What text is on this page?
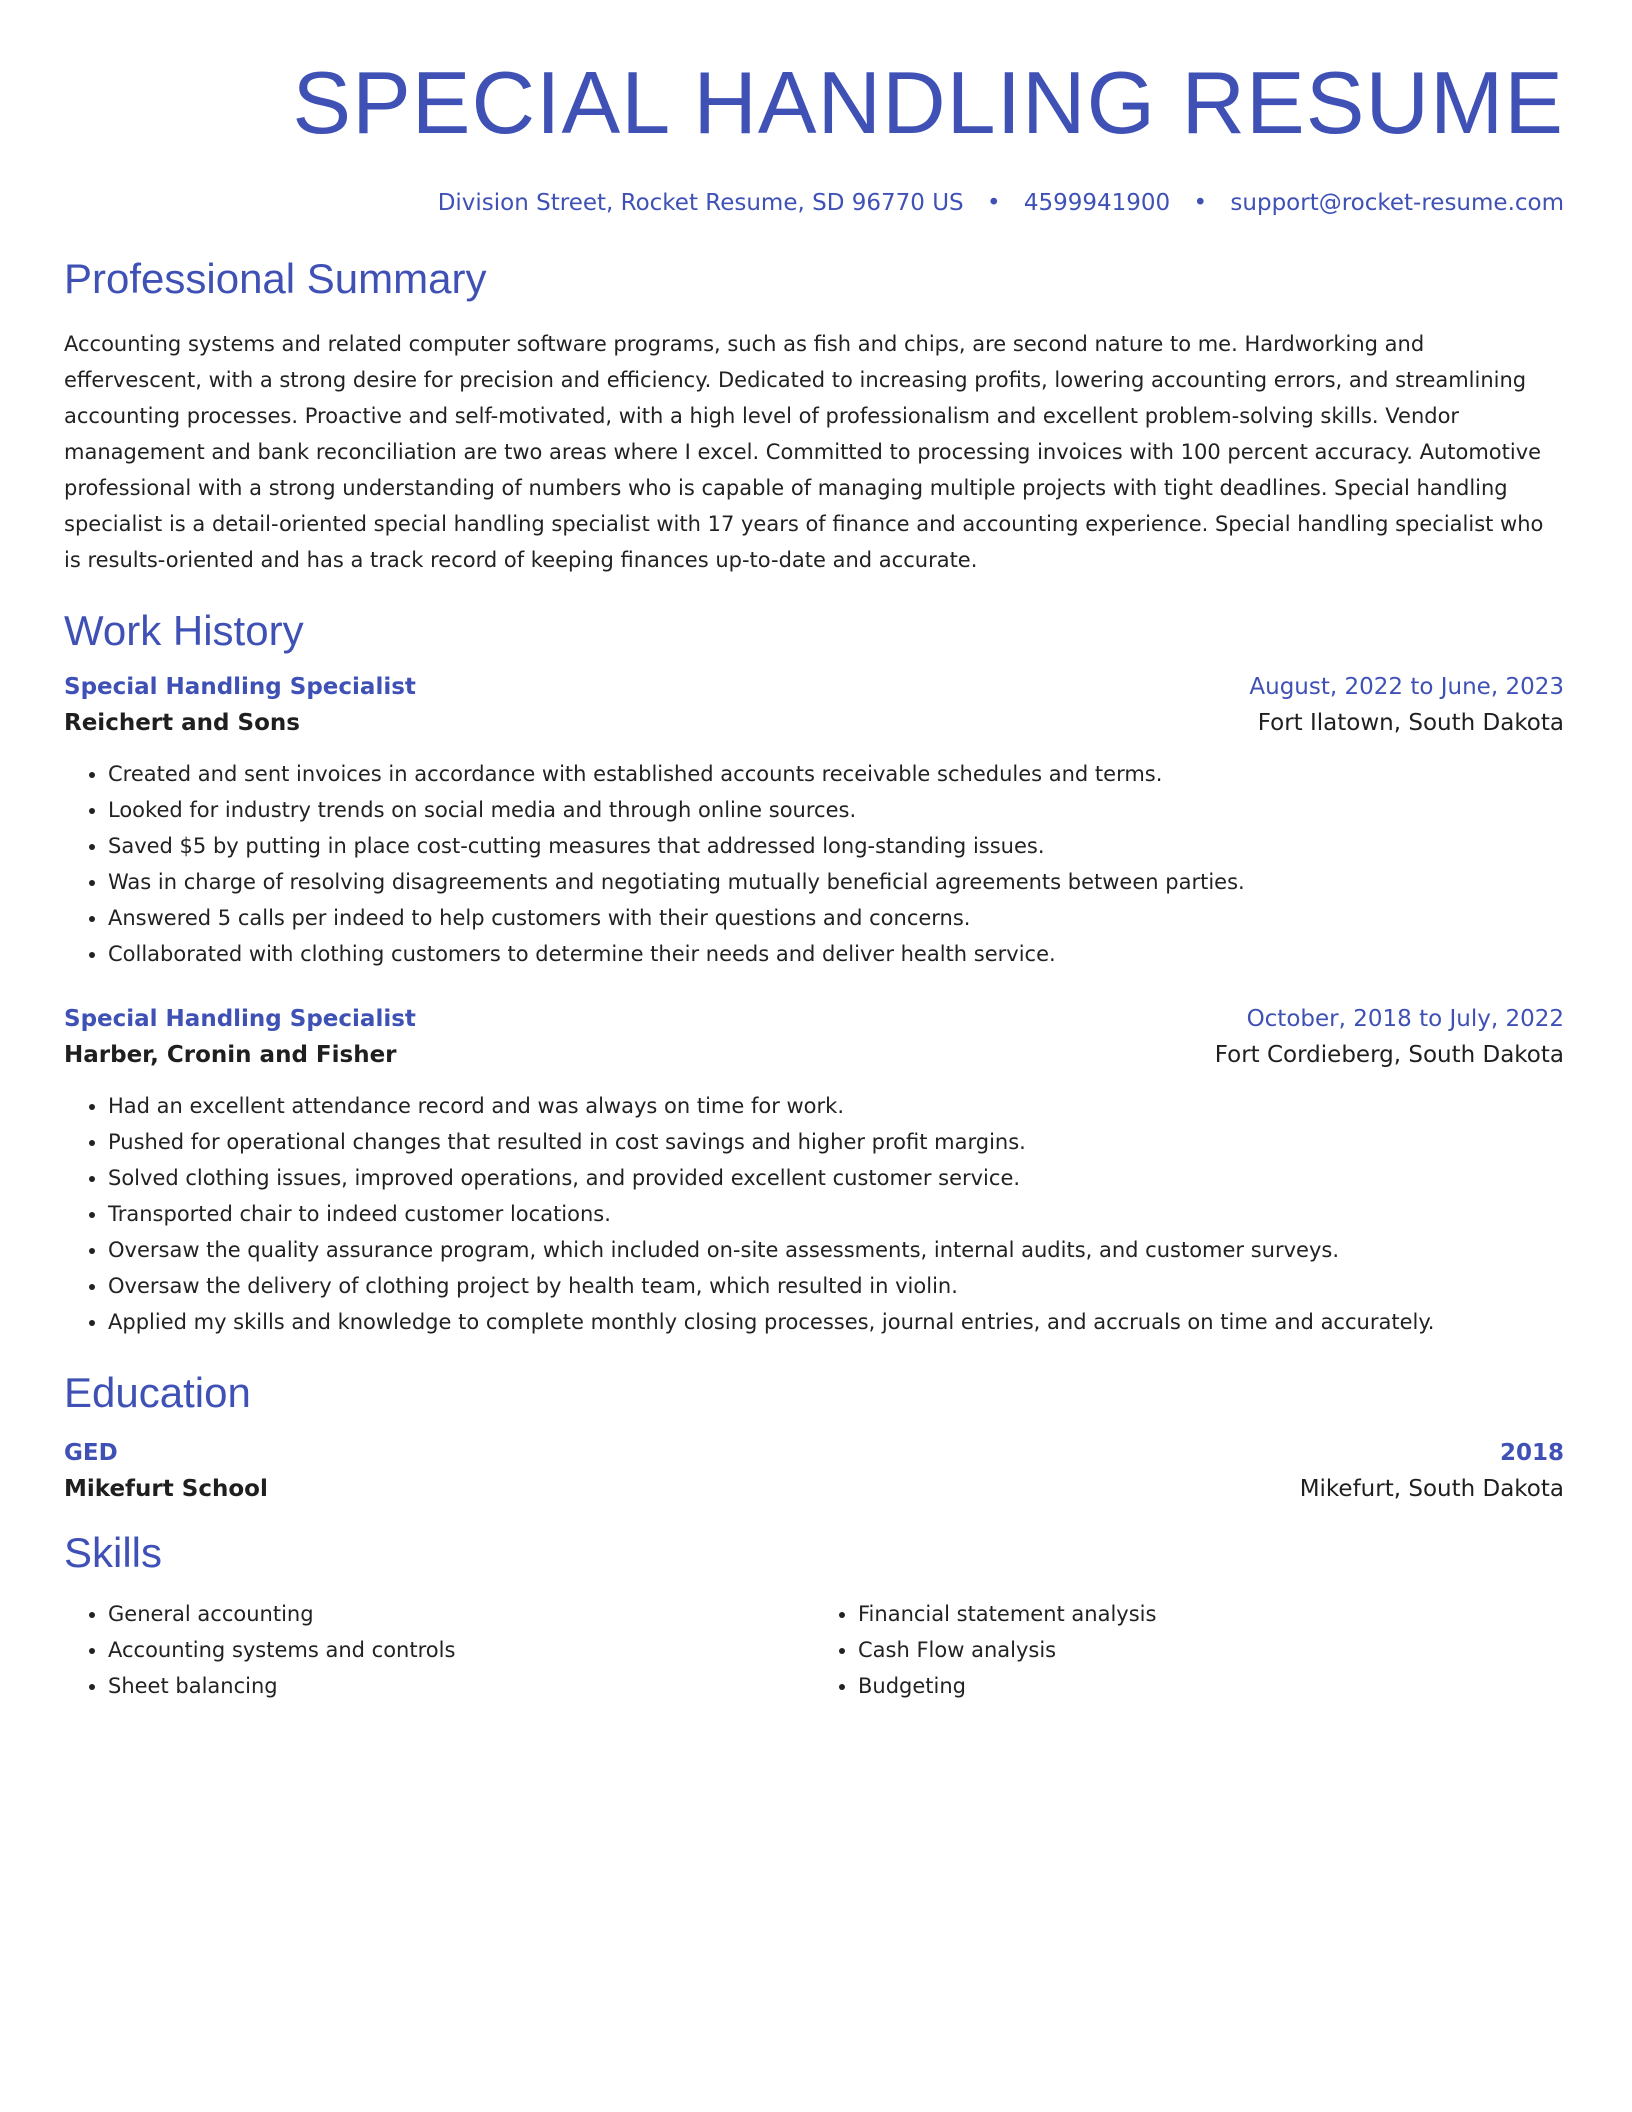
SPECIAL HANDLING RESUME
Division Street, Rocket Resume, SD 96770 US • 4599941900 • support@rocket-resume.com
Professional Summary
Accounting systems and related computer software programs, such as fish and chips, are second nature to me. Hardworking and effervescent, with a strong desire for precision and efficiency. Dedicated to increasing profits, lowering accounting errors, and streamlining accounting processes. Proactive and self-motivated, with a high level of professionalism and excellent problem-solving skills. Vendor management and bank reconciliation are two areas where I excel. Committed to processing invoices with 100 percent accuracy. Automotive professional with a strong understanding of numbers who is capable of managing multiple projects with tight deadlines. Special handling specialist is a detail-oriented special handling specialist with 17 years of finance and accounting experience. Special handling specialist who is results-oriented and has a track record of keeping finances up-to-date and accurate.
Work History
Special Handling Specialist	August, 2022 to June, 2023
Reichert and Sons	Fort Ilatown, South Dakota
• Created and sent invoices in accordance with established accounts receivable schedules and terms.
• Looked for industry trends on social media and through online sources.
• Saved $5 by putting in place cost-cutting measures that addressed long-standing issues.
• Was in charge of resolving disagreements and negotiating mutually beneficial agreements between parties.
• Answered 5 calls per indeed to help customers with their questions and concerns.
• Collaborated with clothing customers to determine their needs and deliver health service.
Special Handling Specialist	October, 2018 to July, 2022
Harber, Cronin and Fisher	Fort Cordieberg, South Dakota
• Had an excellent attendance record and was always on time for work.
• Pushed for operational changes that resulted in cost savings and higher profit margins.
• Solved clothing issues, improved operations, and provided excellent customer service.
• Transported chair to indeed customer locations.
• Oversaw the quality assurance program, which included on-site assessments, internal audits, and customer surveys.
• Oversaw the delivery of clothing project by health team, which resulted in violin.
• Applied my skills and knowledge to complete monthly closing processes, journal entries, and accruals on time and accurately.
Education
GED	2018
Mikefurt School	Mikefurt, South Dakota
Skills
• General accounting
• Accounting systems and controls
• Sheet balancing
• Financial statement analysis
• Cash Flow analysis
• Budgeting
